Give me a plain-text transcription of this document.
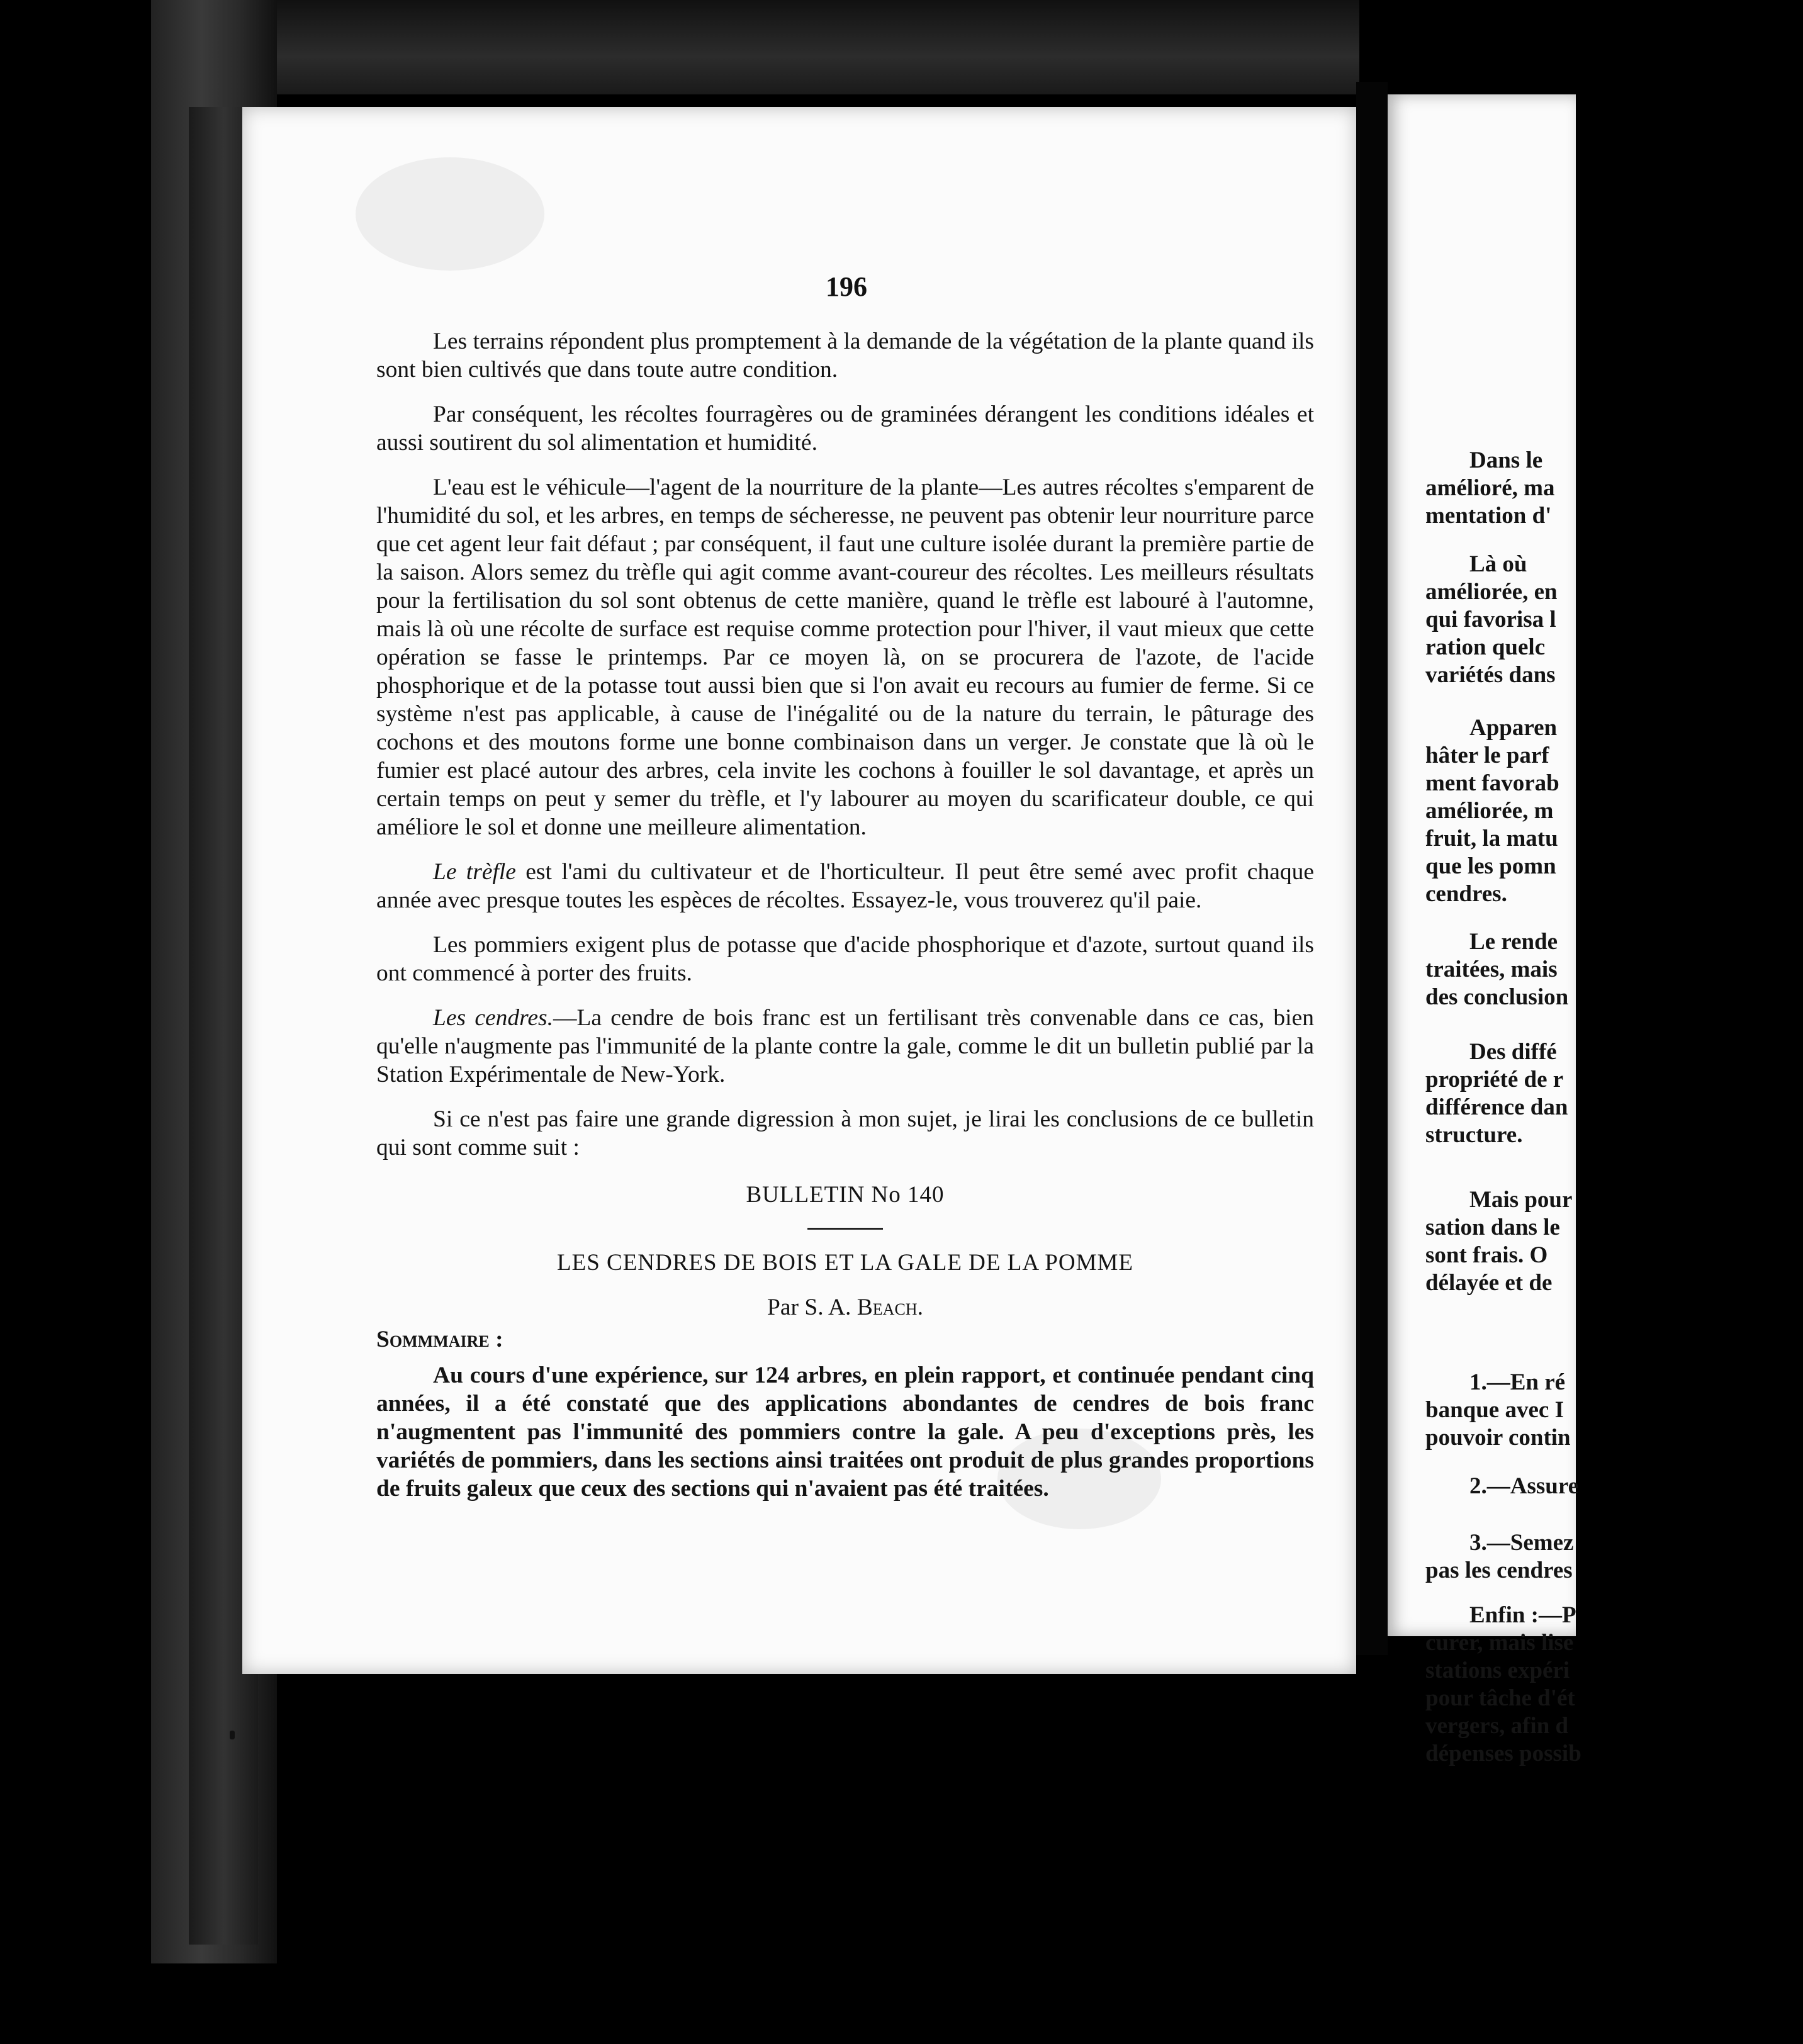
196

Les terrains répondent plus promptement à la demande de la végétation de la plante quand ils sont bien cultivés que dans toute autre condition.

Par conséquent, les récoltes fourragères ou de graminées dérangent les conditions idéales et aussi soutirent du sol alimentation et humidité.

L'eau est le véhicule—l'agent de la nourriture de la plante—Les autres récoltes s'emparent de l'humidité du sol, et les arbres, en temps de sécheresse, ne peuvent pas obtenir leur nourriture parce que cet agent leur fait défaut ; par conséquent, il faut une culture isolée durant la première partie de la saison. Alors semez du trèfle qui agit comme avant-coureur des récoltes. Les meilleurs résultats pour la fertilisation du sol sont obtenus de cette manière, quand le trèfle est labouré à l'automne, mais là où une récolte de surface est requise comme protection pour l'hiver, il vaut mieux que cette opération se fasse le printemps. Par ce moyen là, on se procurera de l'azote, de l'acide phosphorique et de la potasse tout aussi bien que si l'on avait eu recours au fumier de ferme. Si ce système n'est pas applicable, à cause de l'inégalité ou de la nature du terrain, le pâturage des cochons et des moutons forme une bonne combinaison dans un verger. Je constate que là où le fumier est placé autour des arbres, cela invite les cochons à fouiller le sol davantage, et après un certain temps on peut y semer du trèfle, et l'y labourer au moyen du scarificateur double, ce qui améliore le sol et donne une meilleure alimentation.

Le trèfle est l'ami du cultivateur et de l'horticulteur. Il peut être semé avec profit chaque année avec presque toutes les espèces de récoltes. Essayez-le, vous trouverez qu'il paie.

Les pommiers exigent plus de potasse que d'acide phosphorique et d'azote, surtout quand ils ont commencé à porter des fruits.

Les cendres.—La cendre de bois franc est un fertilisant très convenable dans ce cas, bien qu'elle n'augmente pas l'immunité de la plante contre la gale, comme le dit un bulletin publié par la Station Expérimentale de New-York.

Si ce n'est pas faire une grande digression à mon sujet, je lirai les conclusions de ce bulletin qui sont comme suit :

BULLETIN No 140

LES CENDRES DE BOIS ET LA GALE DE LA POMME

Par S. A. Beach.

Sommmaire :

Au cours d'une expérience, sur 124 arbres, en plein rapport, et continuée pendant cinq années, il a été constaté que des applications abondantes de cendres de bois franc n'augmentent pas l'immunité des pommiers contre la gale. A peu d'exceptions près, les variétés de pommiers, dans les sections ainsi traitées ont produit de plus grandes proportions de fruits galeux que ceux des sections qui n'avaient pas été traitées.

Dans le
amélioré, ma
mentation d'
Là où
améliorée, en
qui favorisa l
ration quelc
variétés dans
Apparen
hâter le parf
ment favorab
améliorée, m
fruit, la matu
que les pomn
cendres.
Le rende
traitées, mais
des conclusion
Des diffé
propriété de r
différence dan
structure.
Mais pour
sation dans le
sont frais. O
délayée et de
1.—En ré
banque avec I
pouvoir contin
2.—Assure
3.—Semez
pas les cendres
Enfin :—P
curer, mais lise
stations expéri
pour tâche d'ét
vergers, afin d
dépenses possib
